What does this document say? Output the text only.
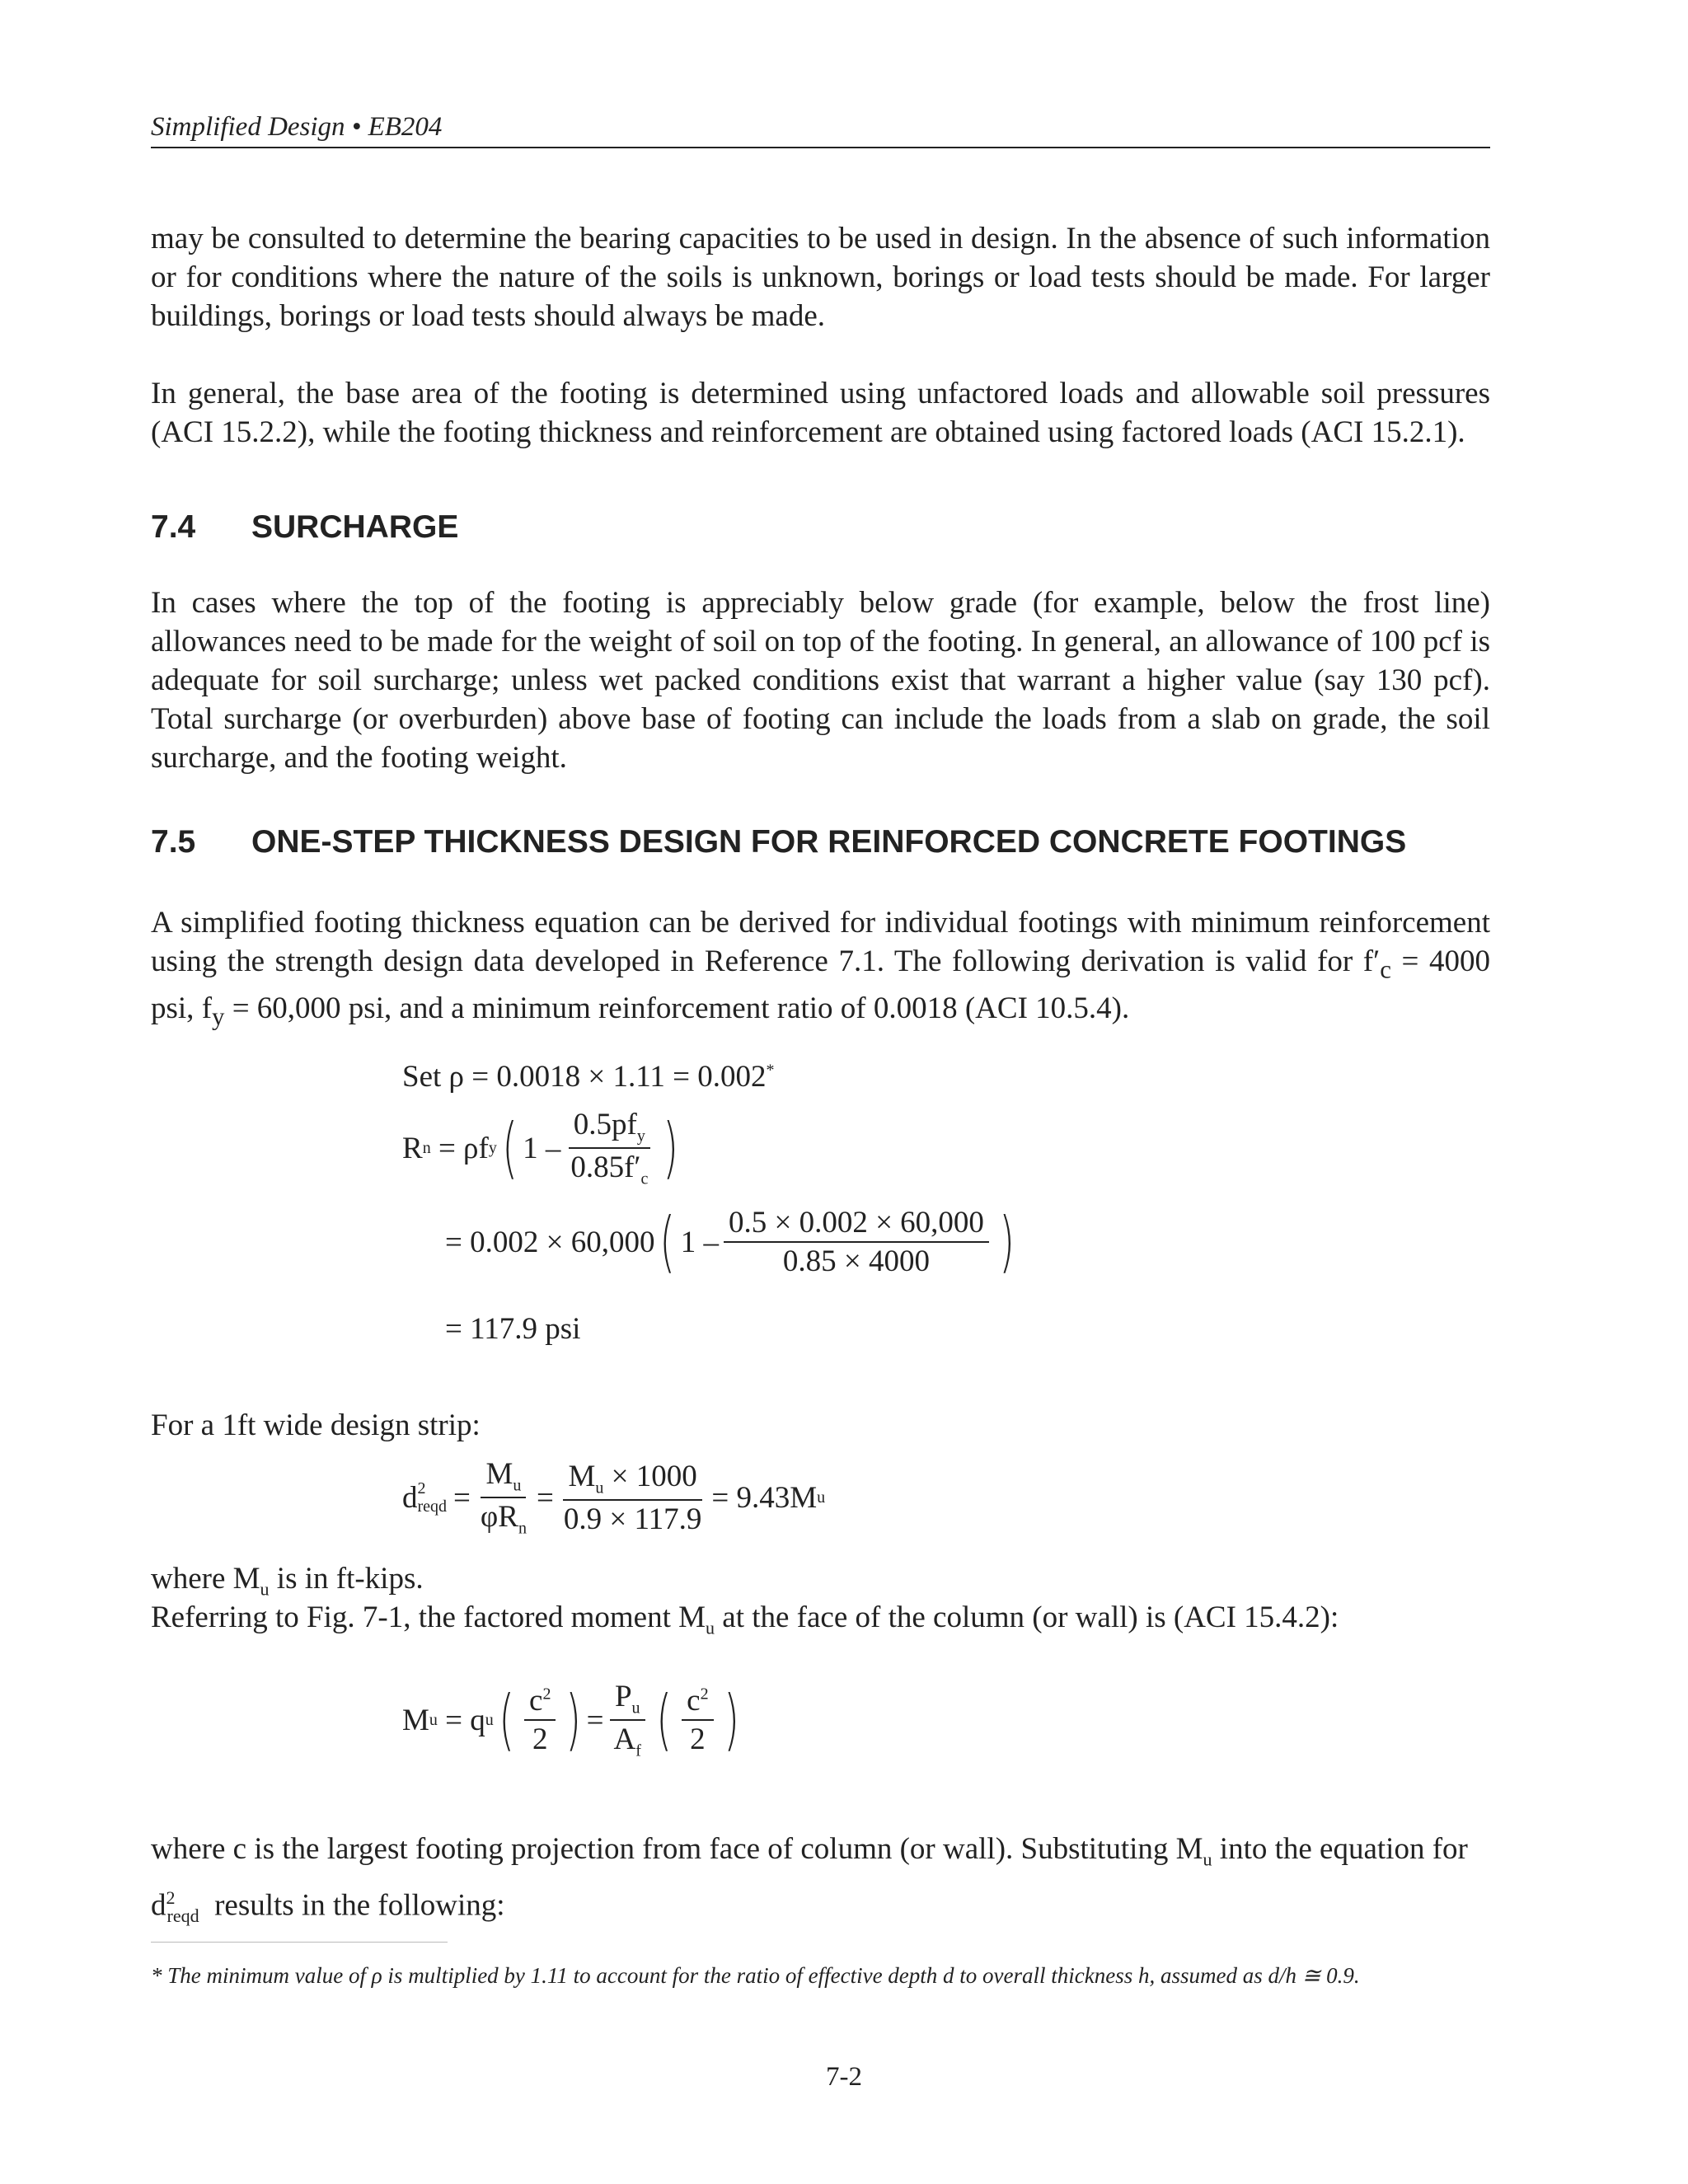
Simplified Design • EB204
may be consulted to determine the bearing capacities to be used in design. In the absence of such information or for conditions where the nature of the soils is unknown, borings or load tests should be made. For larger buildings, borings or load tests should always be made.
In general, the base area of the footing is determined using unfactored loads and allowable soil pressures (ACI 15.2.2), while the footing thickness and reinforcement are obtained using factored loads (ACI 15.2.1).
7.4 SURCHARGE
In cases where the top of the footing is appreciably below grade (for example, below the frost line) allowances need to be made for the weight of soil on top of the footing. In general, an allowance of 100 pcf is adequate for soil surcharge; unless wet packed conditions exist that warrant a higher value (say 130 pcf). Total surcharge (or overburden) above base of footing can include the loads from a slab on grade, the soil surcharge, and the footing weight.
7.5 ONE-STEP THICKNESS DESIGN FOR REINFORCED CONCRETE FOOTINGS
A simplified footing thickness equation can be derived for individual footings with minimum reinforcement using the strength design data developed in Reference 7.1. The following derivation is valid for $f'_c = 4000$ psi, $f_y = 60,000$ psi, and a minimum reinforcement ratio of 0.0018 (ACI 10.5.4).
Set ρ = 0.0018 × 1.11 = 0.002*
R n
= ρf y ( $1 - \frac{0.5pf_y}{0.85f'_c}$ )
= 0.002 × 60,000 ( $1 - \frac{0.5 \times 0.002 \times 60,000}{0.85 \times 4000}$ )
= 117.9 psi
For a 1ft wide design strip:
d 2
reqd = $\frac{M_u}{\varphi R_n} = \frac{M_u \times 1000}{0.9 \times 117.9} = 9.43M$ u
where $M_u$ is in ft-kips.
Referring to Fig. 7-1, the factored moment $M_u$ at the face of the column (or wall) is (ACI 15.4.2):
M u
= q u ( $\frac{c^2}{2}$ ) = $\frac{P_u}{A_f}$ ( $\frac{c^2}{2}$ )
where c is the largest footing projection from face of column (or wall). Substituting $M_u$ into the equation for
$d^2_{reqd}$ results in the following:
* The minimum value of ρ is multiplied by 1.11 to account for the ratio of effective depth d to overall thickness h, assumed as d/h ≅ 0.9.
7-2
